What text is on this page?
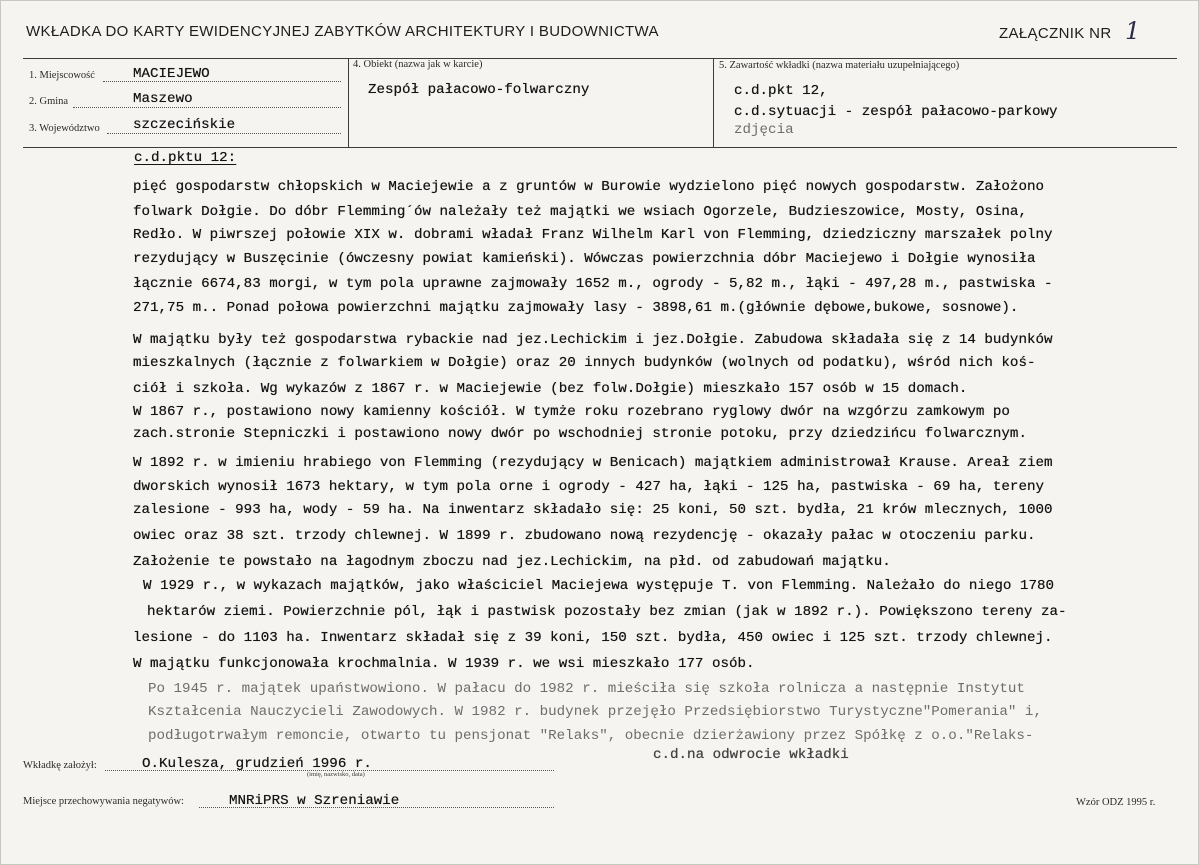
WKŁADKA DO KARTY EWIDENCYJNEJ ZABYTKÓW ARCHITEKTURY I BUDOWNICTWA	ZAŁĄCZNIK NR 1
1. Miejscowość	MACIEJEWO
2. Gmina	Maszewo
3. Województwo szczecińskie
4. Obiekt (nazwa jak w karcie)
Zespół pałacowo-folwarczny
5. Zawartość wkładki (nazwa materiału uzupełniającego)
c.d.pkt 12,
c.d.sytuacji - zespół pałacowo-parkowy
zdjęcia
c.d.pktu 12:
pięć gospodarstw chłopskich w Maciejewie a z gruntów w Burowie wydzielono pięć nowych gospodarstw. Założono
folwark Dołgie. Do dóbr Flemming´ów należały też majątki we wsiach Ogorzele, Budzieszowice, Mosty, Osina,
Redło. W piwrszej połowie XIX w. dobrami władał Franz Wilhelm Karl von Flemming, dziedziczny marszałek polny
rezydujący w Buszęcinie (ówczesny powiat kamieński). Wówczas powierzchnia dóbr Maciejewo i Dołgie wynosiła
łącznie 6674,83 morgi, w tym pola uprawne zajmowały 1652 m., ogrody - 5,82 m., łąki - 497,28 m., pastwiska -
271,75 m.. Ponad połowa powierzchni majątku zajmowały lasy - 3898,61 m.(głównie dębowe,bukowe, sosnowe).
W majątku były też gospodarstwa rybackie nad jez.Lechickim i jez.Dołgie. Zabudowa składała się z 14 budynków
mieszkalnych (łącznie z folwarkiem w Dołgie) oraz 20 innych budynków (wolnych od podatku), wśród nich koś-
ciół i szkoła. Wg wykazów z 1867 r. w Maciejewie (bez folw.Dołgie) mieszkało 157 osób w 15 domach.
W 1867 r., postawiono nowy kamienny kościół. W tymże roku rozebrano ryglowy dwór na wzgórzu zamkowym po
zach.stronie Stepniczki i postawiono nowy dwór po wschodniej stronie potoku, przy dziedzińcu folwarcznym.
W 1892 r. w imieniu hrabiego von Flemming (rezydujący w Benicach) majątkiem administrował Krause. Areał ziem
dworskich wynosił 1673 hektary, w tym pola orne i ogrody - 427 ha, łąki - 125 ha, pastwiska - 69 ha, tereny
zalesione - 993 ha, wody - 59 ha. Na inwentarz składało się: 25 koni, 50 szt. bydła, 21 krów mlecznych, 1000
owiec oraz 38 szt. trzody chlewnej. W 1899 r. zbudowano nową rezydencję - okazały pałac w otoczeniu parku.
Założenie te powstało na łagodnym zboczu nad jez.Lechickim, na płd. od zabudowań majątku.
W 1929 r., w wykazach majątków, jako właściciel Maciejewa występuje T. von Flemming. Należało do niego 1780
hektarów ziemi. Powierzchnie pól, łąk i pastwisk pozostały bez zmian (jak w 1892 r.). Powiększono tereny za-
lesione - do 1103 ha. Inwentarz składał się z 39 koni, 150 szt. bydła, 450 owiec i 125 szt. trzody chlewnej.
W majątku funkcjonowała krochmalnia. W 1939 r. we wsi mieszkało 177 osób.
Po 1945 r. majątek upaństwowiono. W pałacu do 1982 r. mieściła się szkoła rolnicza a następnie Instytut
Kształcenia Nauczycieli Zawodowych. W 1982 r. budynek przejęło Przedsiębiorstwo Turystyczne"Pomerania" i,
podługotrwałym remoncie, otwarto tu pensjonat "Relaks", obecnie dzierżawiony przez Spółkę z o.o."Relaks-
c.d.na odwrocie wkładki
Wkładkę założył:	O.Kulesza, grudzień 1996 r.
(imię, nazwisko, data)
Miejsce przechowywania negatywów:	MNRiPRS w Szreniawie	Wzór ODZ 1995 r.
